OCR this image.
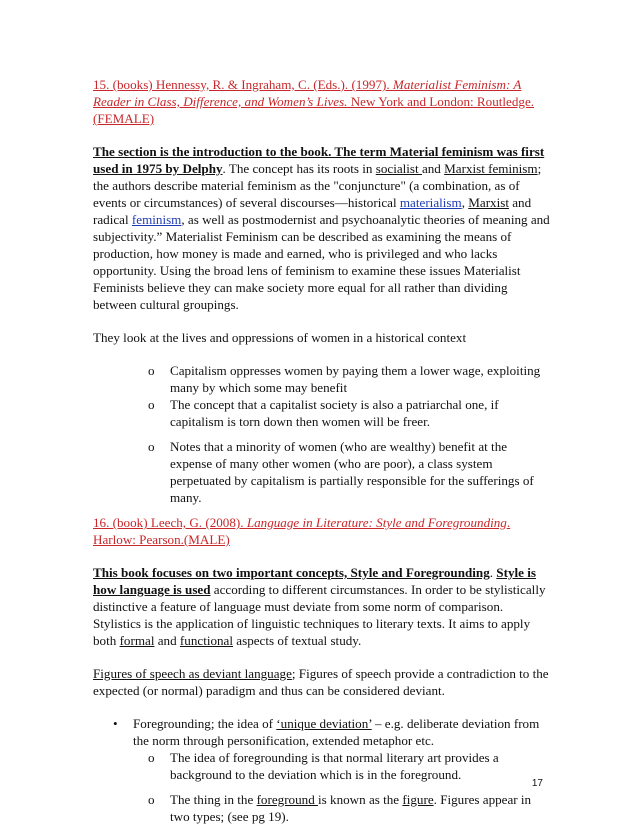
15. (books) Hennessy, R. & Ingraham, C. (Eds.). (1997). Materialist Feminism: A Reader in Class, Difference, and Women’s Lives. New York and London: Routledge.
(FEMALE)

The section is the introduction to the book. The term Material feminism was first used in 1975 by Delphy. The concept has its roots in socialist and Marxist feminism; the authors describe material feminism as the "conjuncture" (a combination, as of events or circumstances) of several discourses—historical materialism, Marxist and radical feminism, as well as postmodernist and psychoanalytic theories of meaning and subjectivity.” Materialist Feminism can be described as examining the means of production, how money is made and earned, who is privileged and who lacks opportunity. Using the broad lens of feminism to examine these issues Materialist Feminists believe they can make society more equal for all rather than dividing between cultural groupings.

They look at the lives and oppressions of women in a historical context

o	Capitalism oppresses women by paying them a lower wage, exploiting many by which some may benefit
o	The concept that a capitalist society is also a patriarchal one, if capitalism is torn down then women will be freer.
o	Notes that a minority of women (who are wealthy) benefit at the expense of many other women (who are poor), a class system perpetuated by capitalism is partially responsible for the sufferings of many.

16. (book) Leech, G. (2008). Language in Literature: Style and Foregrounding. Harlow: Pearson.(MALE)

This book focuses on two important concepts, Style and Foregrounding. Style is how language is used according to different circumstances. In order to be stylistically distinctive a feature of language must deviate from some norm of comparison. Stylistics is the application of linguistic techniques to literary texts. It aims to apply both formal and functional aspects of textual study.

Figures of speech as deviant language; Figures of speech provide a contradiction to the expected (or normal) paradigm and thus can be considered deviant.

•	Foregrounding; the idea of ‘unique deviation’ – e.g. deliberate deviation from the norm through personification, extended metaphor etc.
o	The idea of foregrounding is that normal literary art provides a background to the deviation which is in the foreground.
o	The thing in the foreground is known as the figure. Figures appear in two types; (see pg 19).
17
